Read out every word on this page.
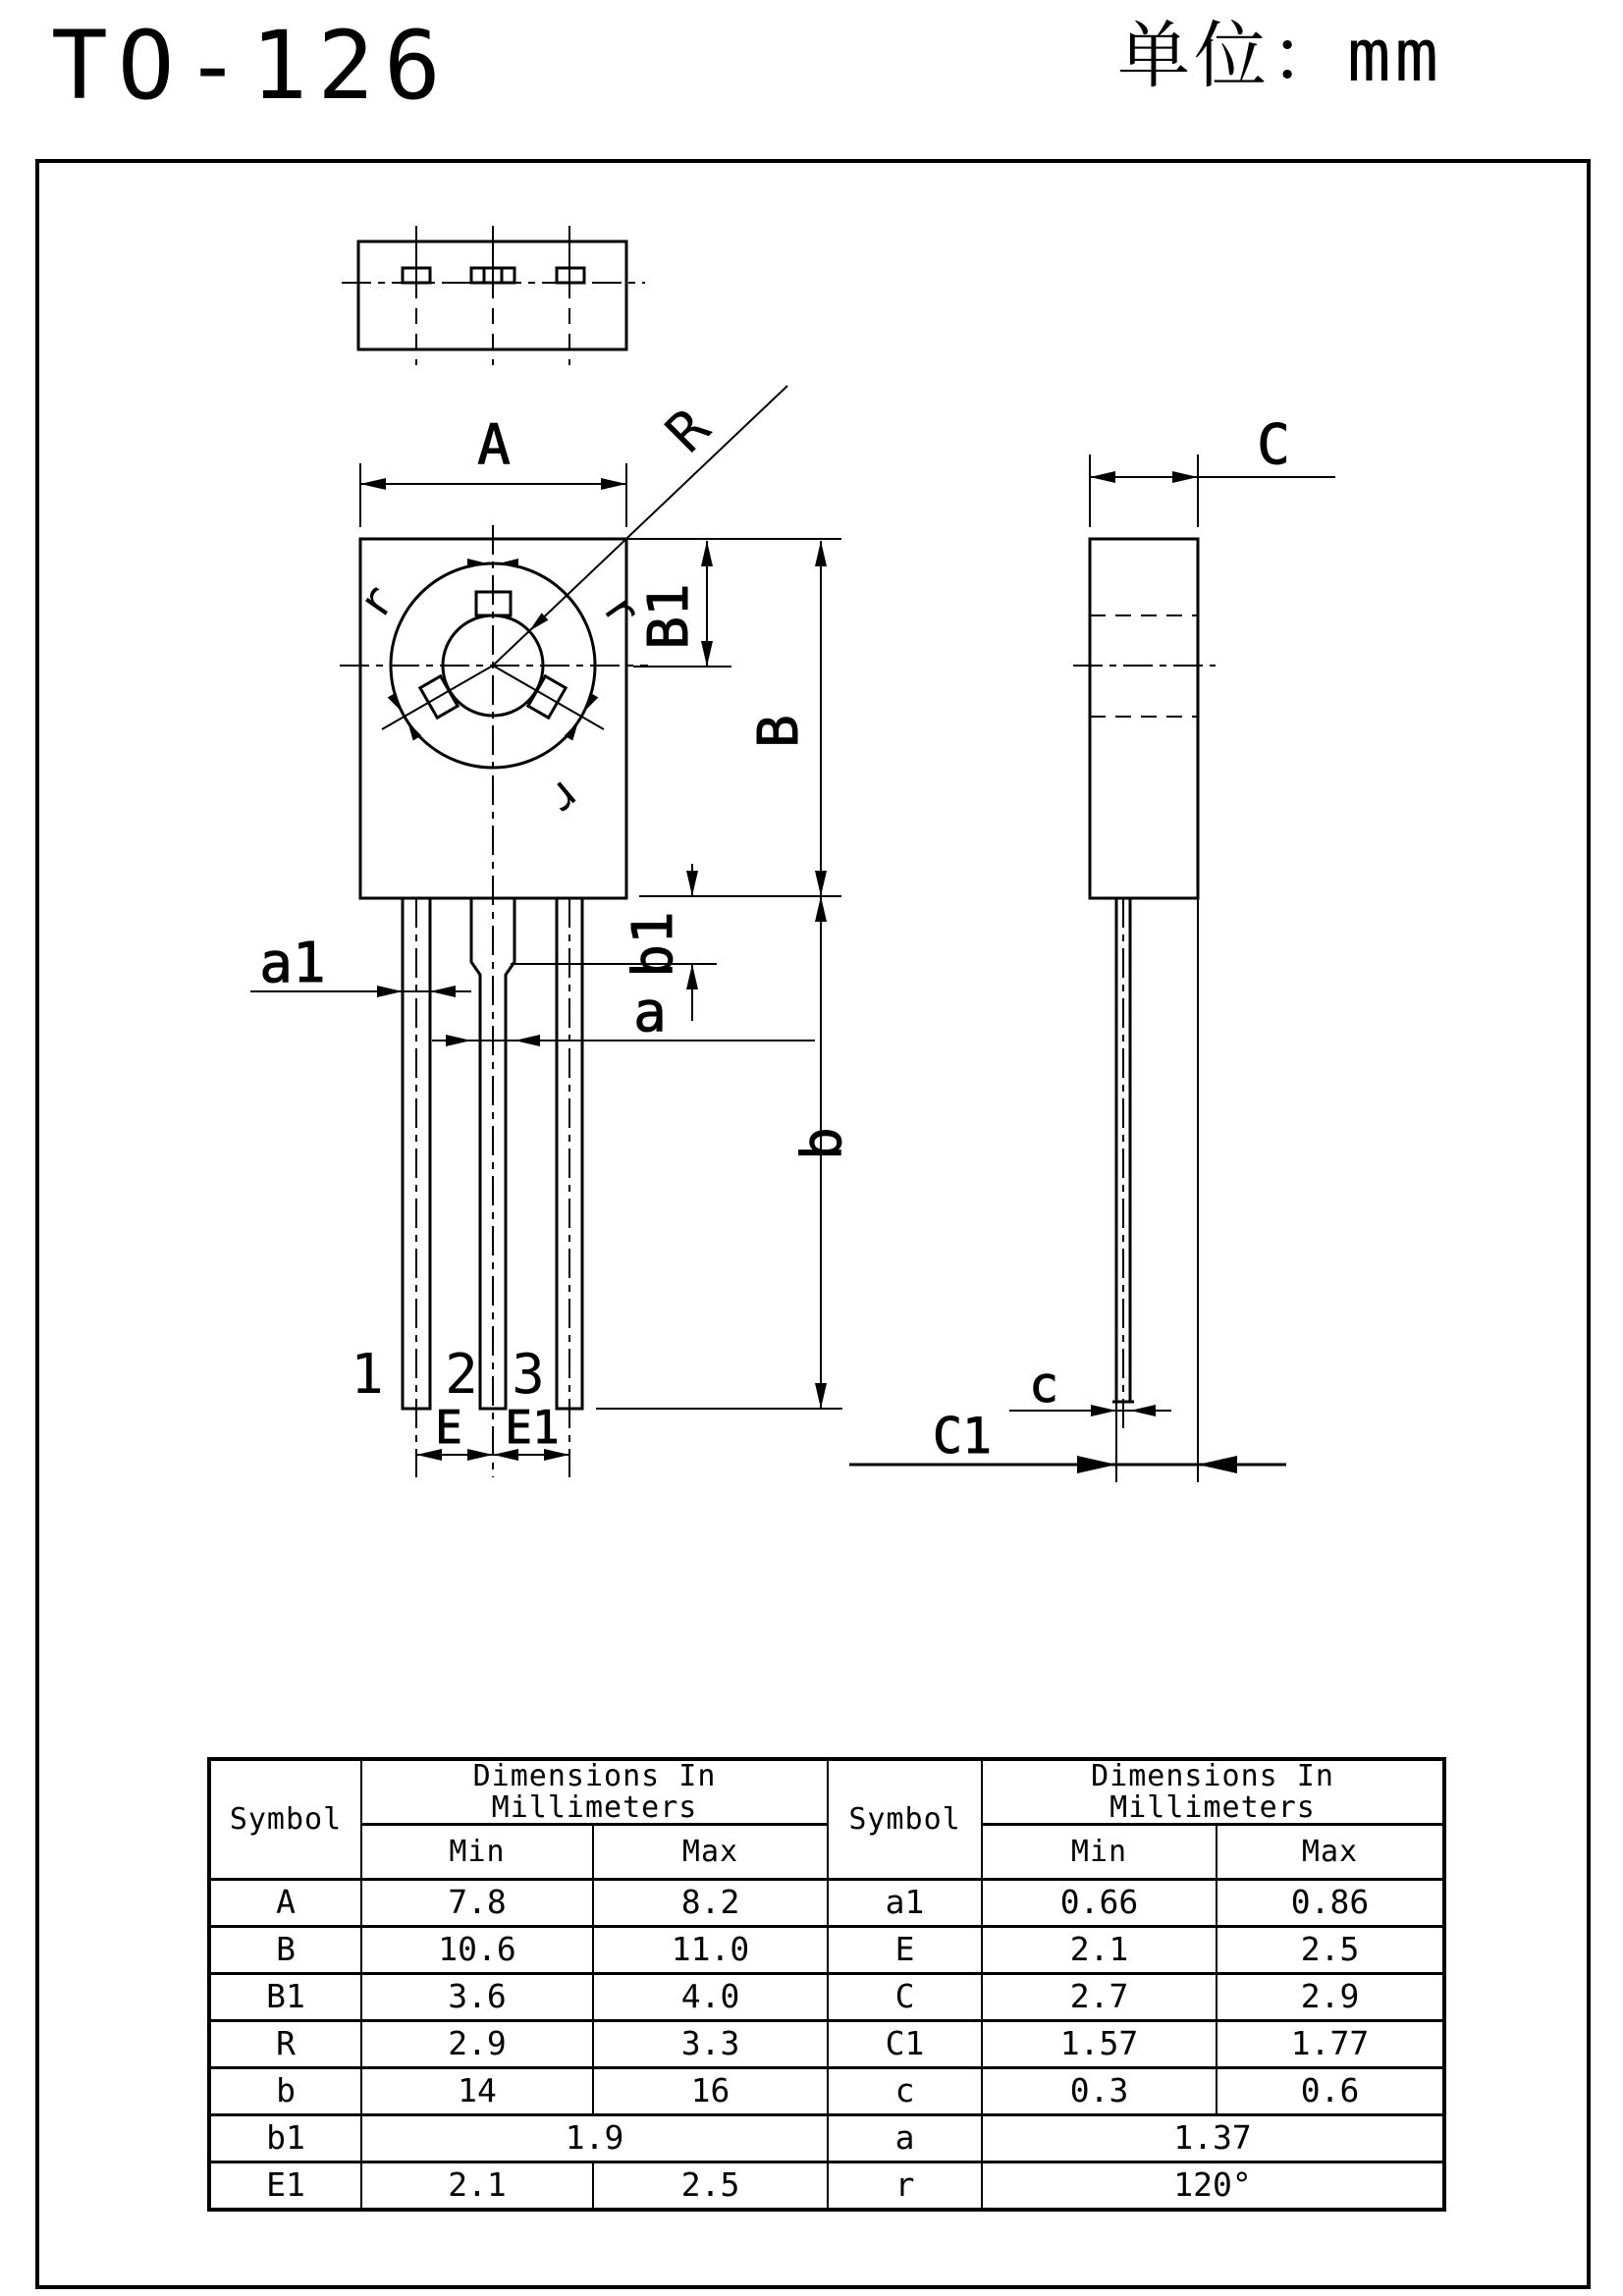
TO-126	单位：mm
r	r
r
A	R
B1
B
b
b1
a1
a
1 2 3
E E1
C
c
C1
Symbol	Dimensions In Millimeters		Symbol	Dimensions In Millimeters	
	Min	Max		Min	Max
A	7.8	8.2	a1	0.66	0.86
B	10.6	11.0	E	2.1	2.5
B1	3.6	4.0	C	2.7	2.9
R	2.9	3.3	C1	1.57	1.77
b	14	16	c	0.3	0.6
b1	1.9		a	1.37	
E1	2.1	2.5	r	120°	
